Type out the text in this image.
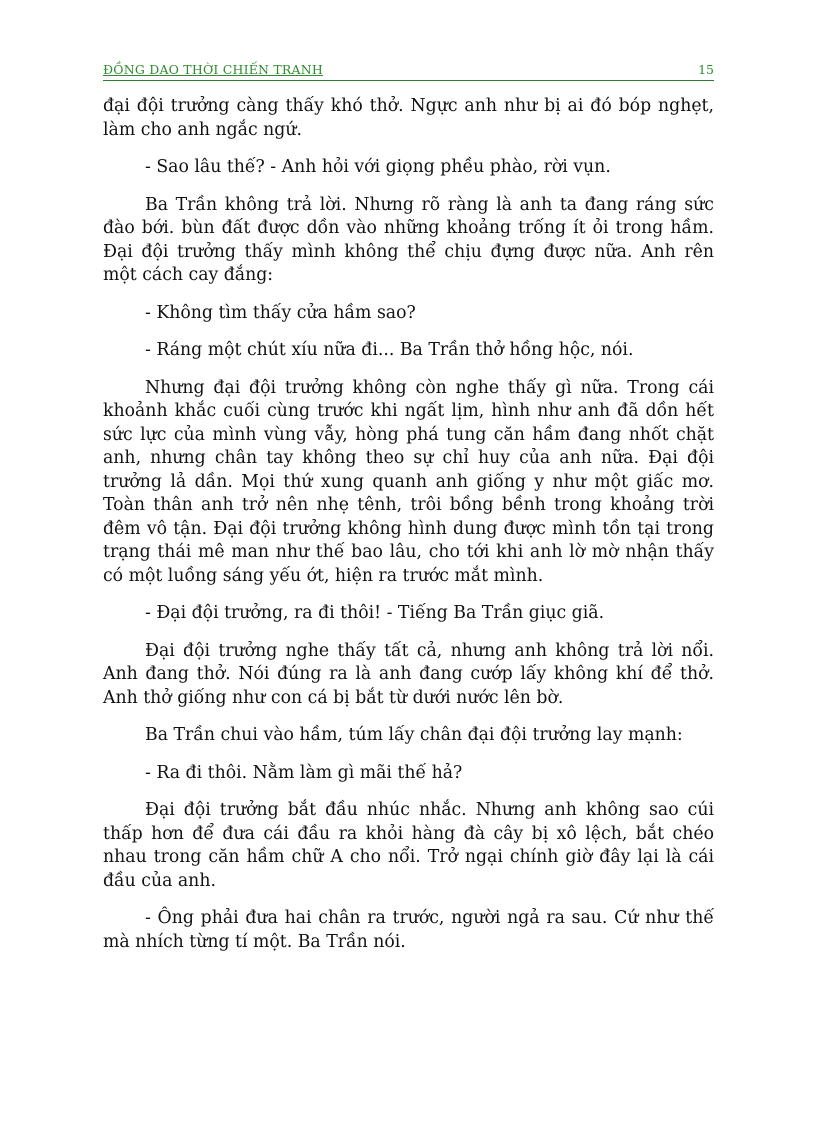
ĐỒNG DAO THỜI CHIẾN TRANH	15

đại đội trưởng càng thấy khó thở. Ngực anh như bị ai đó bóp nghẹt, làm cho anh ngắc ngứ.

- Sao lâu thế? - Anh hỏi với giọng phều phào, rời vụn.

Ba Trần không trả lời. Nhưng rõ ràng là anh ta đang ráng sức đào bới. bùn đất được dồn vào những khoảng trống ít ỏi trong hầm. Đại đội trưởng thấy mình không thể chịu đựng được nữa. Anh rên một cách cay đắng:

- Không tìm thấy cửa hầm sao?

- Ráng một chút xíu nữa đi... Ba Trần thở hồng hộc, nói.

Nhưng đại đội trưởng không còn nghe thấy gì nữa. Trong cái khoảnh khắc cuối cùng trước khi ngất lịm, hình như anh đã dồn hết sức lực của mình vùng vẫy, hòng phá tung căn hầm đang nhốt chặt anh, nhưng chân tay không theo sự chỉ huy của anh nữa. Đại đội trưởng lả dần. Mọi thứ xung quanh anh giống y như một giấc mơ. Toàn thân anh trở nên nhẹ tênh, trôi bồng bềnh trong khoảng trời đêm vô tận. Đại đội trưởng không hình dung được mình tồn tại trong trạng thái mê man như thế bao lâu, cho tới khi anh lờ mờ nhận thấy có một luồng sáng yếu ớt, hiện ra trước mắt mình.

- Đại đội trưởng, ra đi thôi! - Tiếng Ba Trần giục giã.

Đại đội trưởng nghe thấy tất cả, nhưng anh không trả lời nổi. Anh đang thở. Nói đúng ra là anh đang cướp lấy không khí để thở. Anh thở giống như con cá bị bắt từ dưới nước lên bờ.

Ba Trần chui vào hầm, túm lấy chân đại đội trưởng lay mạnh:

- Ra đi thôi. Nằm làm gì mãi thế hả?

Đại đội trưởng bắt đầu nhúc nhắc. Nhưng anh không sao cúi thấp hơn để đưa cái đầu ra khỏi hàng đà cây bị xô lệch, bắt chéo nhau trong căn hầm chữ A cho nổi. Trở ngại chính giờ đây lại là cái đầu của anh.

- Ông phải đưa hai chân ra trước, người ngả ra sau. Cứ như thế mà nhích từng tí một. Ba Trần nói.
